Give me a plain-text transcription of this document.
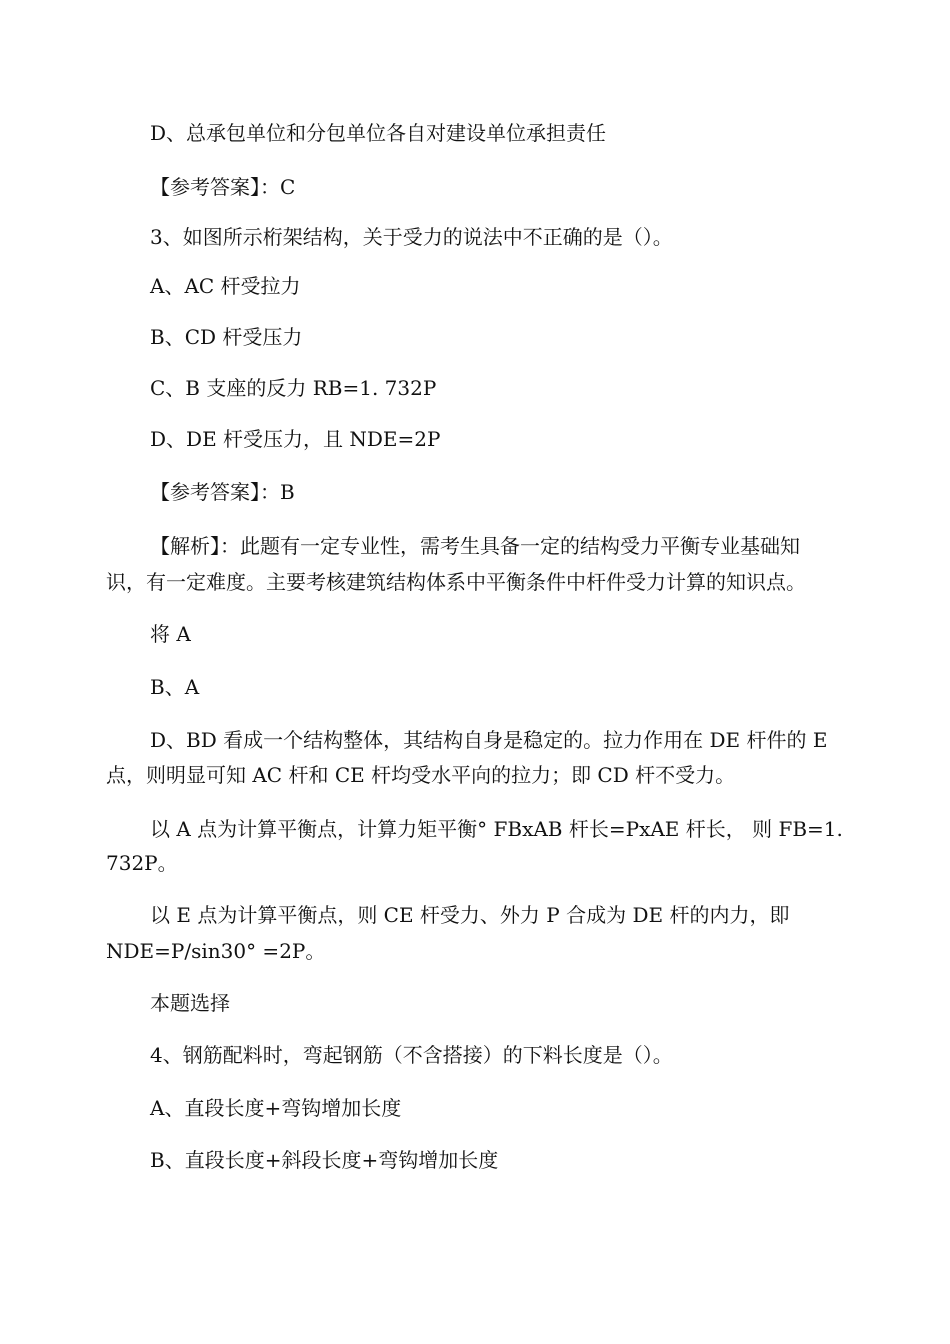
D、总承包单位和分包单位各自对建设单位承担责任

【参考答案】：C

3、如图所示桁架结构，关于受力的说法中不正确的是（）。

A、AC 杆受拉力

B、CD 杆受压力

C、B 支座的反力 RB=1. 732P

D、DE 杆受压力，且 NDE=2P

【参考答案】：B

【解析】：此题有一定专业性，需考生具备一定的结构受力平衡专业基础知

识，有一定难度。主要考核建筑结构体系中平衡条件中杆件受力计算的知识点。

将 A

B、A

D、BD 看成一个结构整体，其结构自身是稳定的。拉力作用在 DE 杆件的 E

点，则明显可知 AC 杆和 CE 杆均受水平向的拉力；即 CD 杆不受力。

以 A 点为计算平衡点，计算力矩平衡° FBxAB 杆长=PxAE 杆长， 则 FB=1.

732P。

以 E 点为计算平衡点，则 CE 杆受力、外力 P 合成为 DE 杆的内力，即

NDE=P/sin30° =2P。

本题选择

4、钢筋配料时，弯起钢筋（不含搭接）的下料长度是（）。

A、直段长度+弯钩增加长度

B、直段长度+斜段长度+弯钩增加长度
